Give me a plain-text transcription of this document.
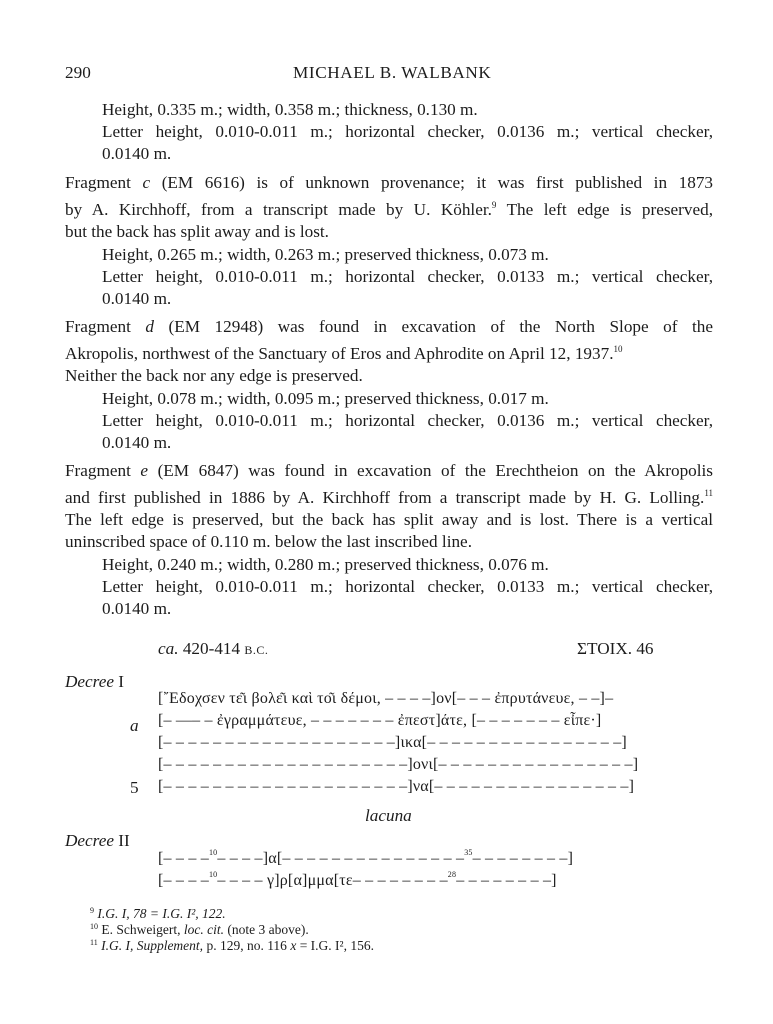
290	MICHAEL B. WALBANK
Height, 0.335 m.; width, 0.358 m.; thickness, 0.130 m.
Letter height, 0.010-0.011 m.; horizontal checker, 0.0136 m.; vertical checker,
0.0140 m.
Fragment c (EM 6616) is of unknown provenance; it was first published in 1873
by A. Kirchhoff, from a transcript made by U. Köhler.$^9$ The left edge is preserved,
but the back has split away and is lost.
Height, 0.265 m.; width, 0.263 m.; preserved thickness, 0.073 m.
Letter height, 0.010-0.011 m.; horizontal checker, 0.0133 m.; vertical checker,
0.0140 m.
Fragment d (EM 12948) was found in excavation of the North Slope of the
Akropolis, northwest of the Sanctuary of Eros and Aphrodite on April 12, 1937.10
Neither the back nor any edge is preserved.
Height, 0.078 m.; width, 0.095 m.; preserved thickness, 0.017 m.
Letter height, 0.010-0.011 m.; horizontal checker, 0.0136 m.; vertical checker,
0.0140 m.
Fragment e (EM 6847) was found in excavation of the Erechtheion on the Akropolis
and first published in 1886 by A. Kirchhoff from a transcript made by H. G. Lolling.$^{11}$
The left edge is preserved, but the back has split away and is lost. There is a vertical
uninscribed space of 0.110 m. below the last inscribed line.
Height, 0.240 m.; width, 0.280 m.; preserved thickness, 0.076 m.
Letter height, 0.010-0.011 m.; horizontal checker, 0.0133 m.; vertical checker,
0.0140 m.
ca. 420-414 B.C.	ΣΤΟΙΧ. 46
Decree I
a
5
[῎Εδοχσεν τε͂ι βολε͂ι καὶ το͂ι δέμοι, – – – –]ον[– – – ἐπρυτάνευε, – –]–
[– —– – ἐγραμμάτευε, – – – – – – – ἐπεστ]άτε, [– – – – – – – εἶπε·]
[– – – – – – – – – – – – – – – – – – –]ικα[– – – – – – – – – – – – – – – –]
[– – – – – – – – – – – – – – – – – – – –]ονι[– – – – – – – – – – – – – – – –]
[– – – – – – – – – – – – – – – – – – – –]να[– – – – – – – – – – – – – – – –]
lacuna
Decree II
[– – – –$^{10}$– – – –]α[– – – – – – – – – – – – – – –$^{35}$– – – – – – – –]
[– – – –$^{10}$– – – – γ]ρ[α]μμα[τε– – – – – – – –$^{28}$– – – – – – – –]
$^9$ I.G. I, 78 = I.G. I², 122.
$^{10}$ E. Schweigert, loc. cit. (note 3 above).
$^{11}$ I.G. I, Supplement, p. 129, no. 116 x = I.G. I², 156.
